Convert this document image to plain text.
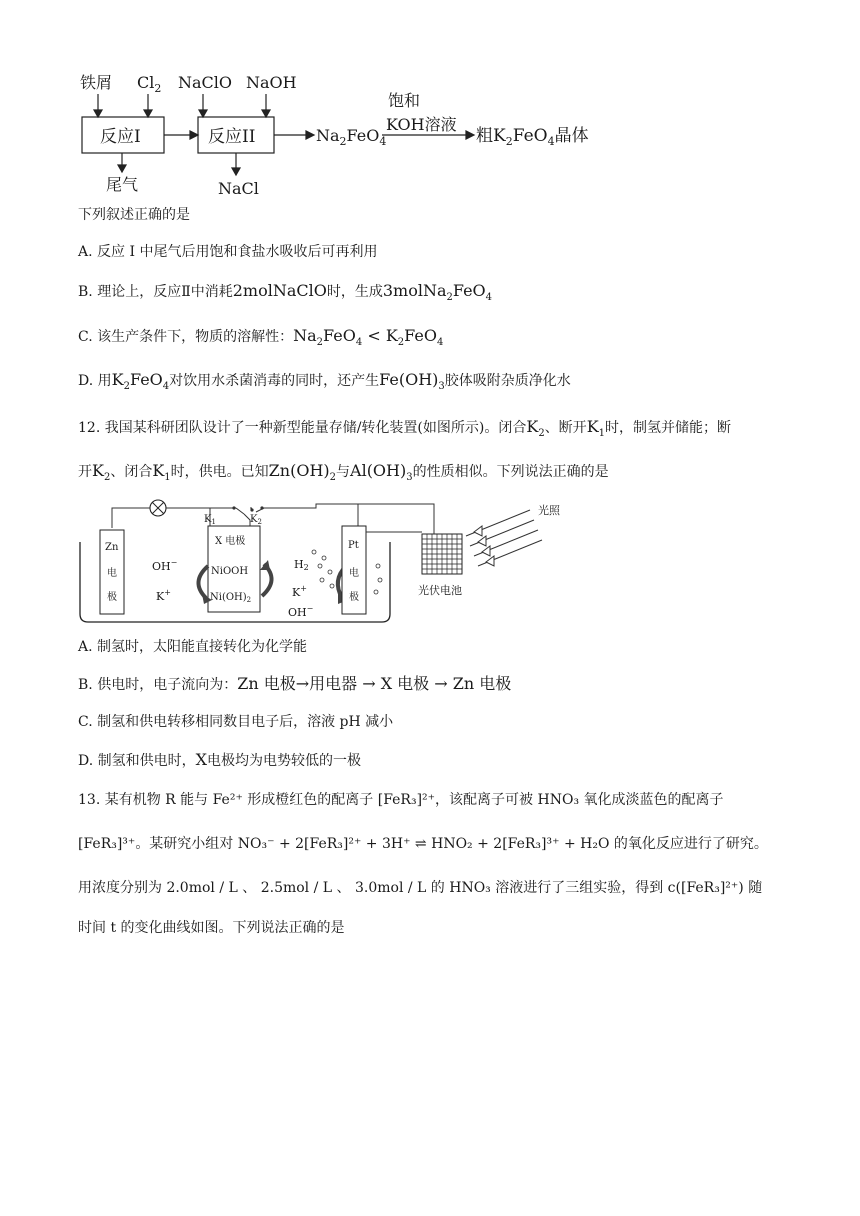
铁屑 $Cl_2$ NaClO NaOH
反应I	反应II
尾气	NaCl
$Na_2FeO_4$
饱和
KOH溶液
粗$K_2FeO_4$晶体
下列叙述正确的是
A. 反应 I 中尾气后用饱和食盐水吸收后可再利用
B. 理论上，反应Ⅱ中消耗2molNaClO时，生成3molNa$_2$FeO$_4$
C. 该生产条件下，物质的溶解性：$Na_2FeO_4 < K_2FeO_4$
D. 用$K_2FeO_4$对饮用水杀菌消毒的同时，还产生$Fe(OH)_3$胶体吸附杂质净化水
12. 我国某科研团队设计了一种新型能量存储/转化装置(如图所示)。闭合$K_2$、断开$K_1$时，制氢并储能；断
开$K_2$、闭合$K_1$时，供电。已知$Zn(OH)_2$与$Al(OH)_3$的性质相似。下列说法正确的是
$K_1$	$K_2$
Zn
电
极
OH−
K+
X 电极
NiOOH
$Ni(OH)_2$
H2
K+
OH−
Pt
电
极
光伏电池
光照
A. 制氢时，太阳能直接转化为化学能
B. 供电时，电子流向为：Zn 电极→用电器 → X 电极 → Zn 电极
C. 制氢和供电转移相同数目电子后，溶液 pH 减小
D. 制氢和供电时，X电极均为电势较低的一极
13. 某有机物 R 能与 Fe²⁺ 形成橙红色的配离子 [FeR₃]²⁺，该配离子可被 HNO₃ 氧化成淡蓝色的配离子
[FeR₃]³⁺。某研究小组对 NO₃⁻ + 2[FeR₃]²⁺ + 3H⁺ ⇌ HNO₂ + 2[FeR₃]³⁺ + H₂O 的氧化反应进行了研究。
用浓度分别为 2.0mol / L 、 2.5mol / L 、 3.0mol / L 的 HNO₃ 溶液进行了三组实验，得到 c([FeR₃]²⁺) 随
时间 t 的变化曲线如图。下列说法正确的是
